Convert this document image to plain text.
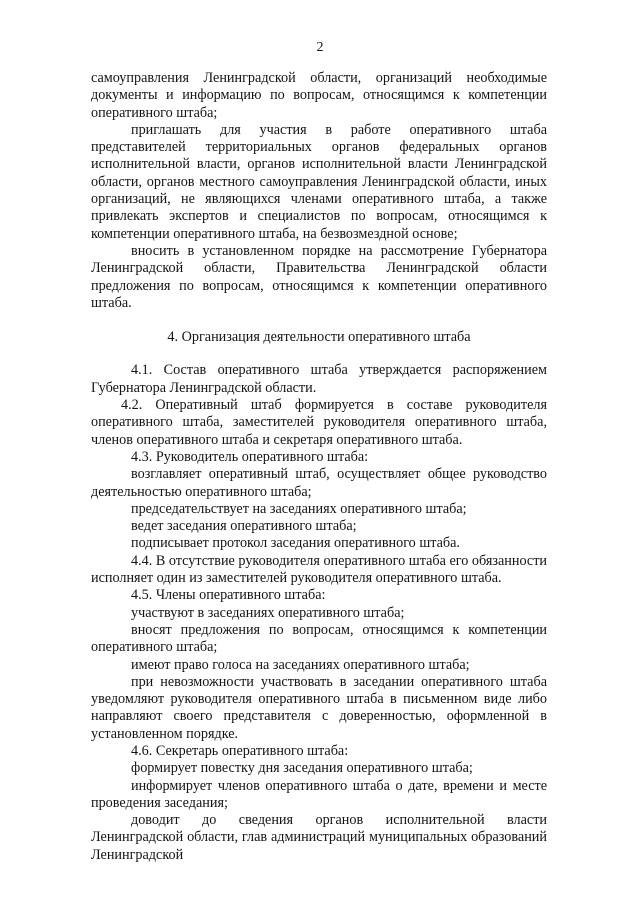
2

самоуправления Ленинградской области, организаций необходимые документы и информацию по вопросам, относящимся к компетенции оперативного штаба;

приглашать для участия в работе оперативного штаба представителей территориальных органов федеральных органов исполнительной власти, органов исполнительной власти Ленинградской области, органов местного самоуправления Ленинградской области, иных организаций, не являющихся членами оперативного штаба, а также привлекать экспертов и специалистов по вопросам, относящимся к компетенции оперативного штаба, на безвозмездной основе;

вносить в установленном порядке на рассмотрение Губернатора Ленинградской области, Правительства Ленинградской области предложения по вопросам, относящимся к компетенции оперативного штаба.

4. Организация деятельности оперативного штаба

4.1. Состав оперативного штаба утверждается распоряжением Губернатора Ленинградской области.

4.2. Оперативный штаб формируется в составе руководителя оперативного штаба, заместителей руководителя оперативного штаба, членов оперативного штаба и секретаря оперативного штаба.

4.3. Руководитель оперативного штаба:

возглавляет оперативный штаб, осуществляет общее руководство деятельностью оперативного штаба;

председательствует на заседаниях оперативного штаба;

ведет заседания оперативного штаба;

подписывает протокол заседания оперативного штаба.

4.4. В отсутствие руководителя оперативного штаба его обязанности исполняет один из заместителей руководителя оперативного штаба.

4.5. Члены оперативного штаба:

участвуют в заседаниях оперативного штаба;

вносят предложения по вопросам, относящимся к компетенции оперативного штаба;

имеют право голоса на заседаниях оперативного штаба;

при невозможности участвовать в заседании оперативного штаба уведомляют руководителя оперативного штаба в письменном виде либо направляют своего представителя с доверенностью, оформленной в установленном порядке.

4.6. Секретарь оперативного штаба:

формирует повестку дня заседания оперативного штаба;

информирует членов оперативного штаба о дате, времени и месте проведения заседания;

доводит до сведения органов исполнительной власти Ленинградской области, глав администраций муниципальных образований Ленинградской
